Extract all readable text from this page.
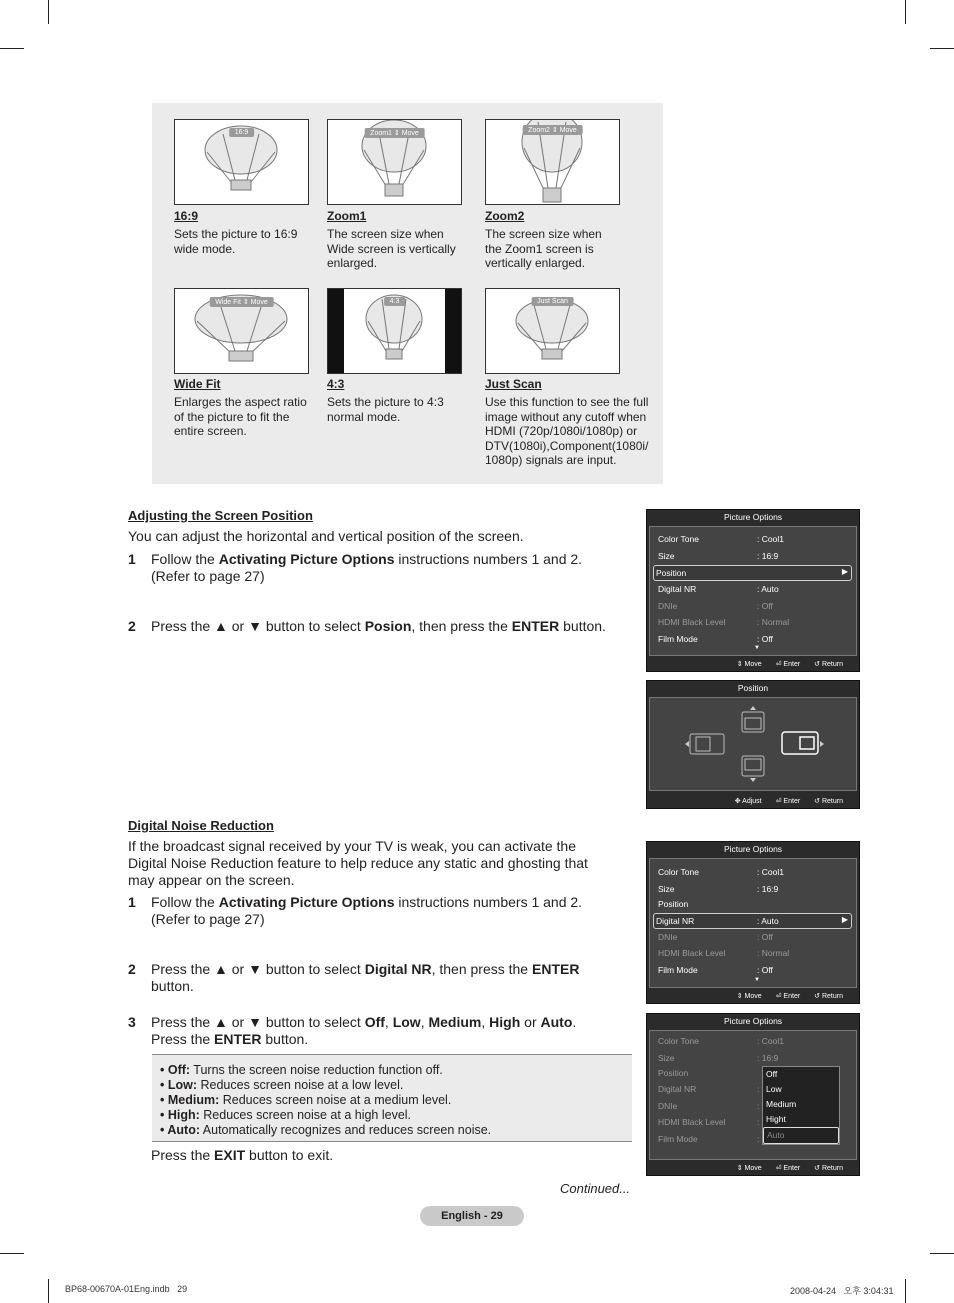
16:9
16:9
Sets the picture to 16:9 wide mode.
Zoom1 ⇕ Move
Zoom1
The screen size when Wide screen is vertically enlarged.
Zoom2 ⇕ Move
Zoom2
The screen size when the Zoom1 screen is vertically enlarged.
Wide Fit ⇕ Move
Wide Fit
Enlarges the aspect ratio of the picture to fit the entire screen.
4:3
4:3
Sets the picture to 4:3 normal mode.
Just Scan
Just Scan
Use this function to see the full image without any cutoff when HDMI (720p/1080i/1080p) or DTV(1080i),Component(1080i/ 1080p) signals are input.
Adjusting the Screen Position
You can adjust the horizontal and vertical position of the screen.
1 Follow the Activating Picture Options instructions numbers 1 and 2.
(Refer to page 27)
2 Press the ▲ or ▼ button to select Posion, then press the ENTER button.
Picture Options
Color Tone	: Cool1
Size	: 16:9
Position	▶
Digital NR	: Auto
DNIe	: Off
HDMI Black Level	: Normal
Film Mode	: Off
▼
⇕ Move ⏎ Enter ↺ Return
Position
✥ Adjust ⏎ Enter ↺ Return
Digital Noise Reduction
If the broadcast signal received by your TV is weak, you can activate the Digital Noise Reduction feature to help reduce any static and ghosting that may appear on the screen.
1 Follow the Activating Picture Options instructions numbers 1 and 2.
(Refer to page 27)
2 Press the ▲ or ▼ button to select Digital NR, then press the ENTER button.
3 Press the ▲ or ▼ button to select Off, Low, Medium, High or Auto.
Press the ENTER button.
• Off: Turns the screen noise reduction function off.
• Low: Reduces screen noise at a low level.
• Medium: Reduces screen noise at a medium level.
• High: Reduces screen noise at a high level.
• Auto: Automatically recognizes and reduces screen noise.
Press the EXIT button to exit.
Picture Options
Color Tone	: Cool1
Size	: 16:9
Position
Digital NR	: Auto	▶
DNIe	: Off
HDMI Black Level	: Normal
Film Mode	: Off
▼
⇕ Move ⏎ Enter ↺ Return
Picture Options
Color Tone	: Cool1
Size	: 16:9
Position
Digital NR	:
DNIe	:
HDMI Black Level	:
Film Mode	:
Off
Low
Medium
Hight
Auto
⇕ Move ⏎ Enter ↺ Return
Continued...
English - 29
BP68-00670A-01Eng.indb   29	2008-04-24   오후 3:04:31
